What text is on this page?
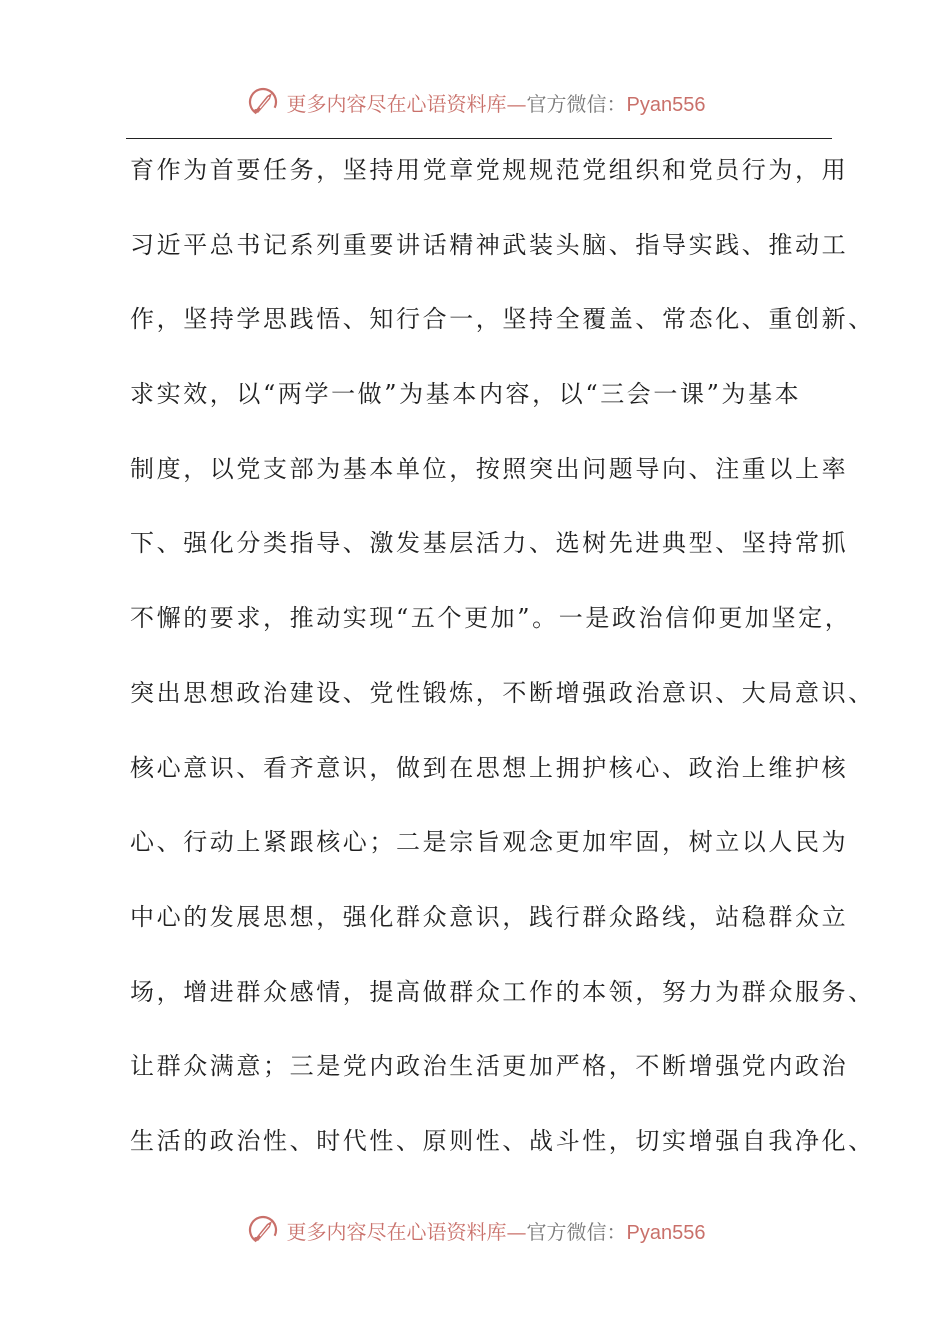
更多内容尽在心语资料库—官方微信：Pyan556
育作为首要任务，坚持用党章党规规范党组织和党员行为，用
习近平总书记系列重要讲话精神武装头脑、指导实践、推动工
作，坚持学思践悟、知行合一，坚持全覆盖、常态化、重创新、
求实效，以“两学一做”为基本内容，以“三会一课”为基本
制度，以党支部为基本单位，按照突出问题导向、注重以上率
下、强化分类指导、激发基层活力、选树先进典型、坚持常抓
不懈的要求，推动实现“五个更加”。一是政治信仰更加坚定，
突出思想政治建设、党性锻炼，不断增强政治意识、大局意识、
核心意识、看齐意识，做到在思想上拥护核心、政治上维护核
心、行动上紧跟核心；二是宗旨观念更加牢固，树立以人民为
中心的发展思想，强化群众意识，践行群众路线，站稳群众立
场，增进群众感情，提高做群众工作的本领，努力为群众服务、
让群众满意；三是党内政治生活更加严格，不断增强党内政治
生活的政治性、时代性、原则性、战斗性，切实增强自我净化、
更多内容尽在心语资料库—官方微信：Pyan556
